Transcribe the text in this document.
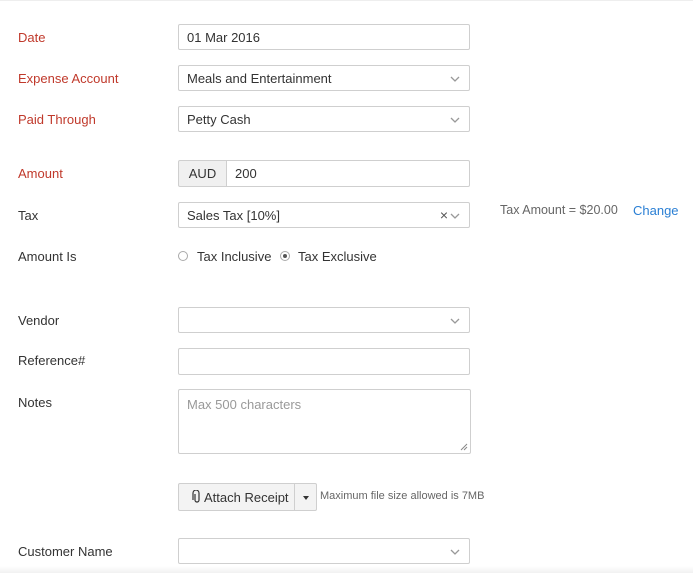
Date	01 Mar 2016
Expense Account	Meals and Entertainment
Paid Through	Petty Cash
Amount	AUD	200
Tax	Sales Tax [10%]	×	Tax Amount = $20.00 Change
Amount Is	Tax Inclusive Tax Exclusive
Vendor
Reference#
Notes	Max 500 characters
Attach Receipt	Maximum file size allowed is 7MB
Customer Name
